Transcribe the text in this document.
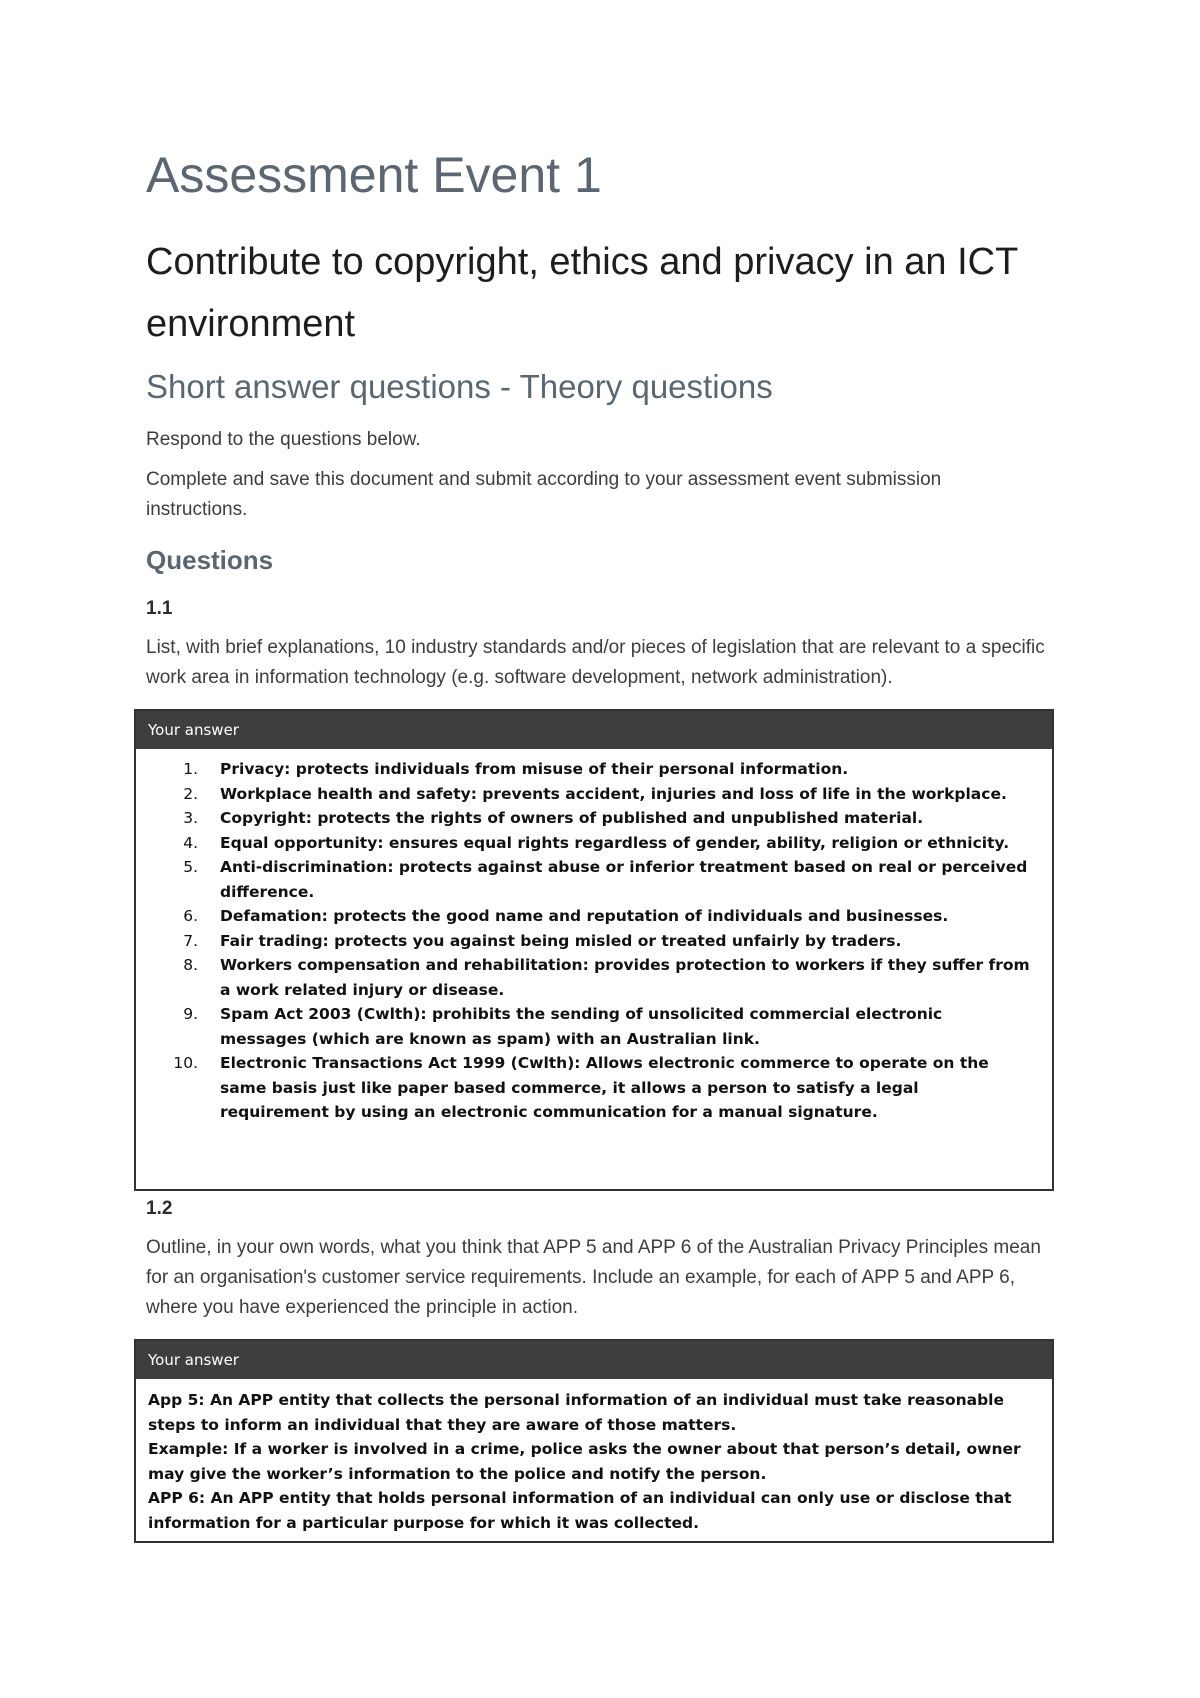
Assessment Event 1
Contribute to copyright, ethics and privacy in an ICT environment
Short answer questions - Theory questions

Respond to the questions below.

Complete and save this document and submit according to your assessment event submission instructions.

Questions
1.1

List, with brief explanations, 10 industry standards and/or pieces of legislation that are relevant to a specific work area in information technology (e.g. software development, network administration).

Your answer
1. Privacy: protects individuals from misuse of their personal information.
2. Workplace health and safety: prevents accident, injuries and loss of life in the workplace.
3. Copyright: protects the rights of owners of published and unpublished material.
4. Equal opportunity: ensures equal rights regardless of gender, ability, religion or ethnicity.
5. Anti-discrimination: protects against abuse or inferior treatment based on real or perceived difference.
6. Defamation: protects the good name and reputation of individuals and businesses.
7. Fair trading: protects you against being misled or treated unfairly by traders.
8. Workers compensation and rehabilitation: provides protection to workers if they suffer from a work related injury or disease.
9. Spam Act 2003 (Cwlth): prohibits the sending of unsolicited commercial electronic messages (which are known as spam) with an Australian link.
10. Electronic Transactions Act 1999 (Cwlth): Allows electronic commerce to operate on the same basis just like paper based commerce, it allows a person to satisfy a legal requirement by using an electronic communication for a manual signature.
1.2

Outline, in your own words, what you think that APP 5 and APP 6 of the Australian Privacy Principles mean for an organisation's customer service requirements. Include an example, for each of APP 5 and APP 6, where you have experienced the principle in action.

Your answer

App 5: An APP entity that collects the personal information of an individual must take reasonable steps to inform an individual that they are aware of those matters.

Example: If a worker is involved in a crime, police asks the owner about that person’s detail, owner may give the worker’s information to the police and notify the person.

APP 6: An APP entity that holds personal information of an individual can only use or disclose that information for a particular purpose for which it was collected.
